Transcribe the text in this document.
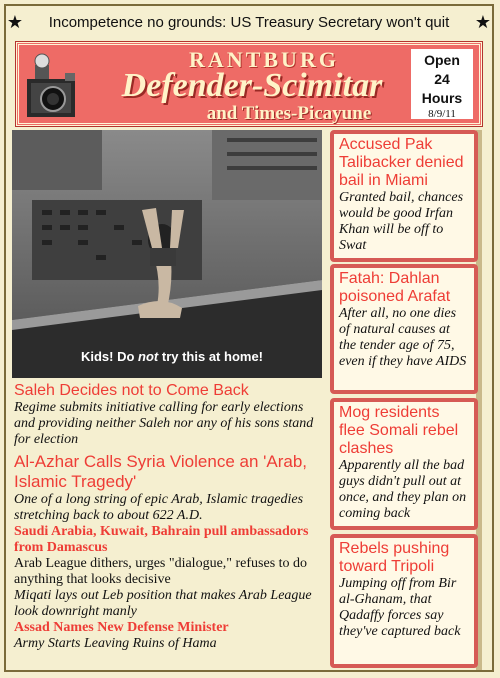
★	Incompetence no grounds: US Treasury Secretary won't quit	★
RANTBURG
Defender-Scimitar
and Times-Picayune
Open
24
Hours
8/9/11
Kids! Do not try this at home!
Saleh Decides not to Come Back
Regime submits initiative calling for early elections and providing neither Saleh nor any of his sons stand for election
Al-Azhar Calls Syria Violence an 'Arab, Islamic Tragedy'
One of a long string of epic Arab, Islamic tragedies stretching back to about 622 A.D.
Saudi Arabia, Kuwait, Bahrain pull ambassadors from Damascus
Arab League dithers, urges "dialogue," refuses to do anything that looks decisive
Miqati lays out Leb position that makes Arab League look downright manly
Assad Names New Defense Minister
Army Starts Leaving Ruins of Hama
Accused Pak Talibacker denied bail in Miami
Granted bail, chances would be good Irfan Khan will be off to Swat
Fatah: Dahlan poisoned Arafat
After all, no one dies of natural causes at the tender age of 75, even if they have AIDS
Mog residents flee Somali rebel clashes
Apparently all the bad guys didn't pull out at once, and they plan on coming back
Rebels pushing toward Tripoli
Jumping off from Bir al-Ghanam, that Qadaffy forces say they've captured back
